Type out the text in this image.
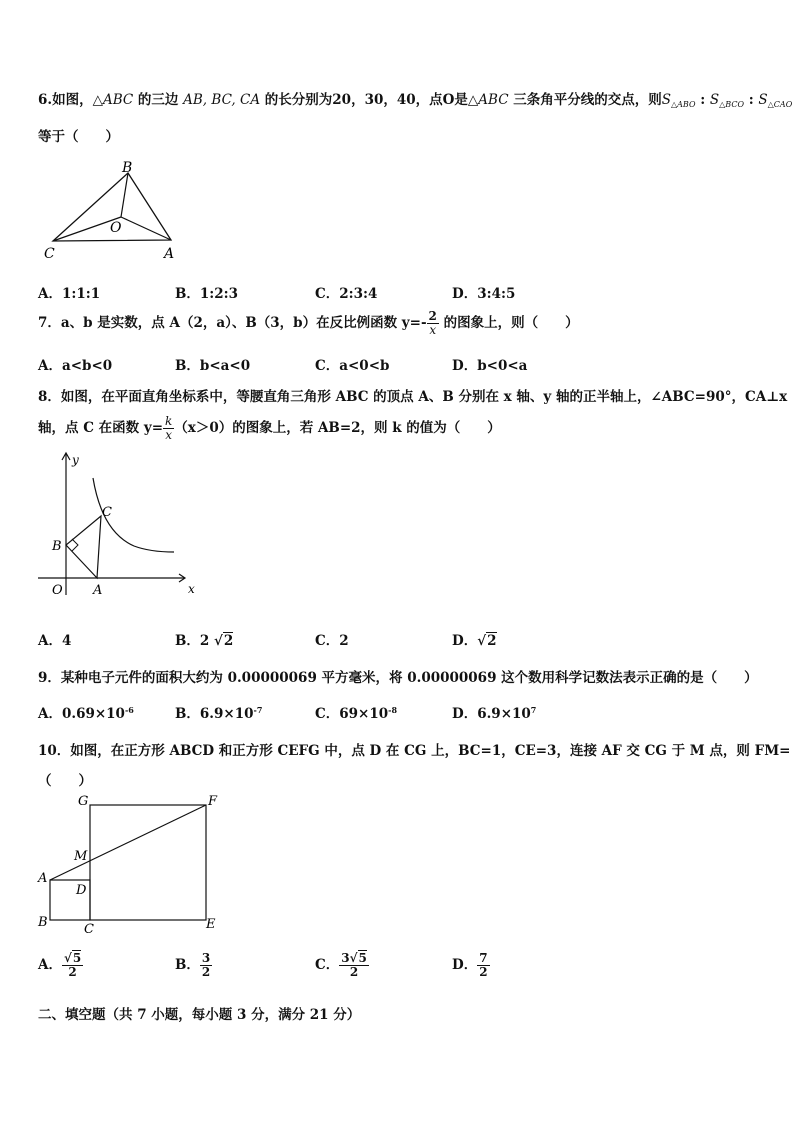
6.如图，△ABC 的三边 AB, BC, CA 的长分别为20，30，40，点O是△ABC 三条角平分线的交点，则$S_{\triangle ABO}$ : $S_{\triangle BCO}$ : $S_{\triangle CAO}$
等于（　　）
B
O
C	A
A．1:1:1	B．1:2:3	C．2:3:4	D．3:4:5
7．a、b 是实数，点 A（2，a）、B（3，b）在反比例函数 $y=- \frac{2}{x}$ 的图象上，则（　　）
A．a<b<0	B．b<a<0	C．a<0<b	D．b<0<a
8．如图，在平面直角坐标系中，等腰直角三角形 ABC 的顶点 A、B 分别在 x 轴、y 轴的正半轴上，∠ABC=90°，CA⊥x
轴，点 C 在函数 $y= \frac{k}{x} (x>0)$的图象上，若 AB=2，则 k 的值为（　　）
y
C
B
O A	x
A．4	B．2 √2	C．2	D．√2
9．某种电子元件的面积大约为 0.00000069 平方毫米，将 0.00000069 这个数用科学记数法表示正确的是（　　）
A．$0.69\times 10^{-6}$	B．$6.9\times 10^{-7}$	C．$69\times 10^{-8}$	D．$6.9\times 10^7$
10．如图，在正方形 ABCD 和正方形 CEFG 中，点 D 在 CG 上，BC=1，CE=3，连接 AF 交 CG 于 M 点，则 FM=
（　　）
G	F
M
A
D
B	C	E
A． $\frac{√5}{2}$	B． $\frac{3}{2}$	C． $\frac{3√5}{2}$	D． $\frac{7}{2}$
二、填空题（共 7 小题，每小题 3 分，满分 21 分）
